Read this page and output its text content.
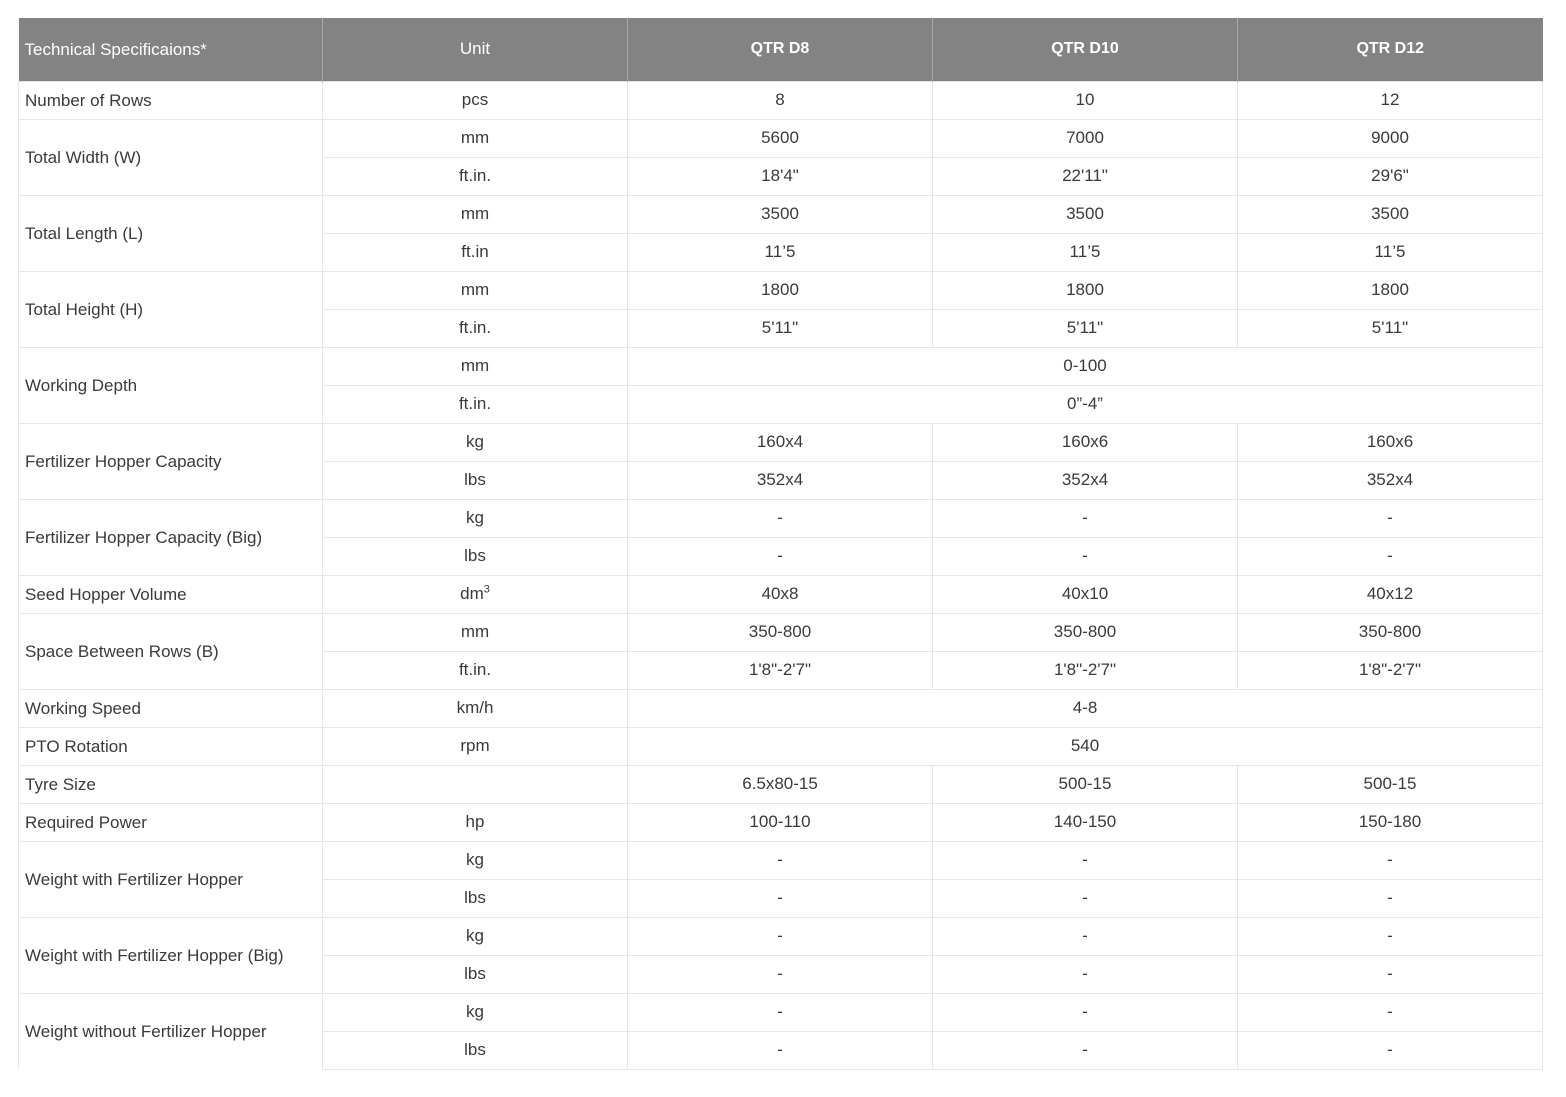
Technical Specificaions*	Unit	QTR D8	QTR D10	QTR D12
Number of Rows	pcs	8	10	12
Total Width (W)	mm	5600	7000	9000
	ft.in.	18'4"	22'11"	29'6"
Total Length (L)	mm	3500	3500	3500
	ft.in	11’5	11’5	11’5
Total Height (H)	mm	1800	1800	1800
	ft.in.	5'11"	5'11"	5'11"
Working Depth	mm	0-100		
	ft.in.	0”-4”		
Fertilizer Hopper Capacity	kg	160x4	160x6	160x6
	lbs	352x4	352x4	352x4
Fertilizer Hopper Capacity (Big)	kg	-	-	-
	lbs	-	-	-
Seed Hopper Volume	$dm^3$	40x8	40x10	40x12
Space Between Rows (B)	mm	350-800	350-800	350-800
	ft.in.	1'8"-2'7"	1'8"-2'7"	1'8"-2'7"
Working Speed	km/h	4-8		
PTO Rotation	rpm	540		
Tyre Size		6.5x80-15	500-15	500-15
Required Power	hp	100-110	140-150	150-180
Weight with Fertilizer Hopper	kg	-	-	-
	lbs	-	-	-
Weight with Fertilizer Hopper (Big)	kg	-	-	-
	lbs	-	-	-
Weight without Fertilizer Hopper	kg	-	-	-
	lbs	-	-	-
